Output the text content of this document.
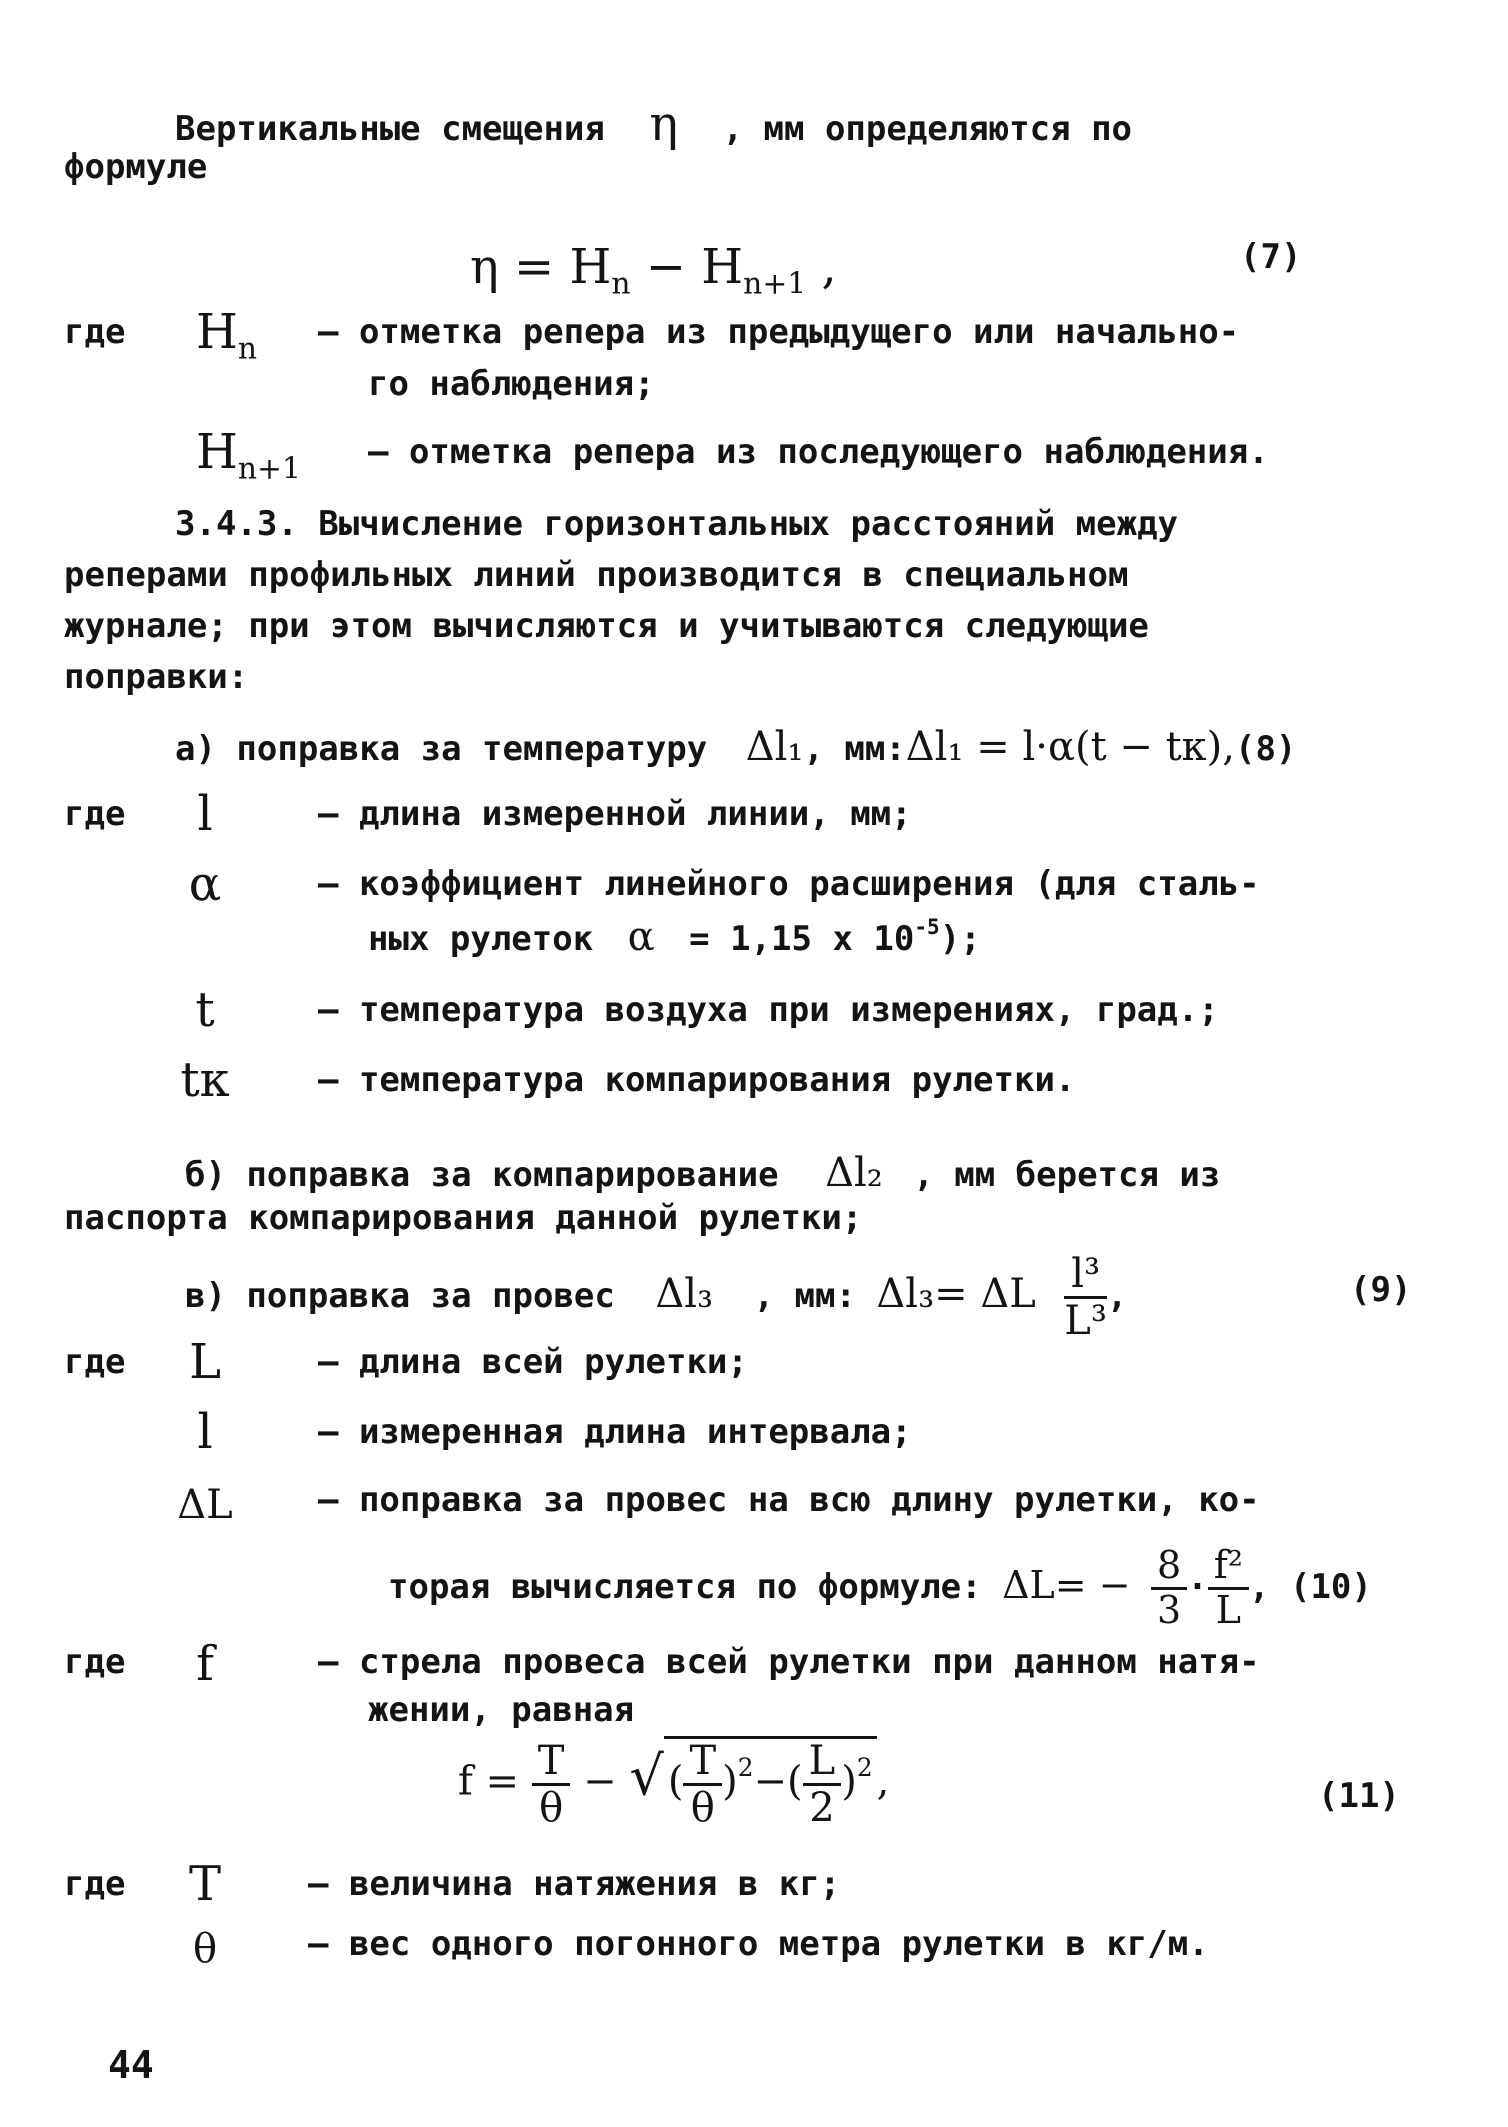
Вертикальные смещения η , мм определяются по
формуле
$\eta = H_n - H_{n+1}$ ,	(7)
где $H_n$ – отметка репера из предыдущего или начально-
го наблюдения;
$H_{n+1}$ – отметка репера из последующего наблюдения.
3.4.3. Вычисление горизонтальных расстояний между
реперами профильных линий производится в специальном
журнале; при этом вычисляются и учитываются следующие
поправки:
а) поправка за температуру Δl₁, мм:Δl₁ = l·α(t − tк),(8)
где	l	– длина измеренной линии, мм;
α	– коэффициент линейного расширения (для сталь-
ных рулеток α = 1,15 x $10^{-5}$);
t	– температура воздуха при измерениях, град.;
tк	– температура компарирования рулетки.
б) поправка за компарирование Δl₂ , мм берется из
паспорта компарирования данной рулетки;
в) поправка за провес Δl₃ , мм: Δl₃= ΔL $\frac{\text{l³}}{\text{L³}}$ ,	(9)
где	L	– длина всей рулетки;
l	– измеренная длина интервала;
ΔL	– поправка за провес на всю длину рулетки, ко-
торая вычисляется по формуле: $\Delta L= - \frac{8}{3} \cdot \frac{\text{f²}}{L}$ , (10)
где	f	– стрела провеса всей рулетки при данном натя-
жении, равная
$f = \frac{T}{\theta}$ − √ ( $\frac{T}{\theta} )^2-( \frac{L}{2} )^2$ ,	(11)
где	T	– величина натяжения в кг;
θ	– вес одного погонного метра рулетки в кг/м.
44
